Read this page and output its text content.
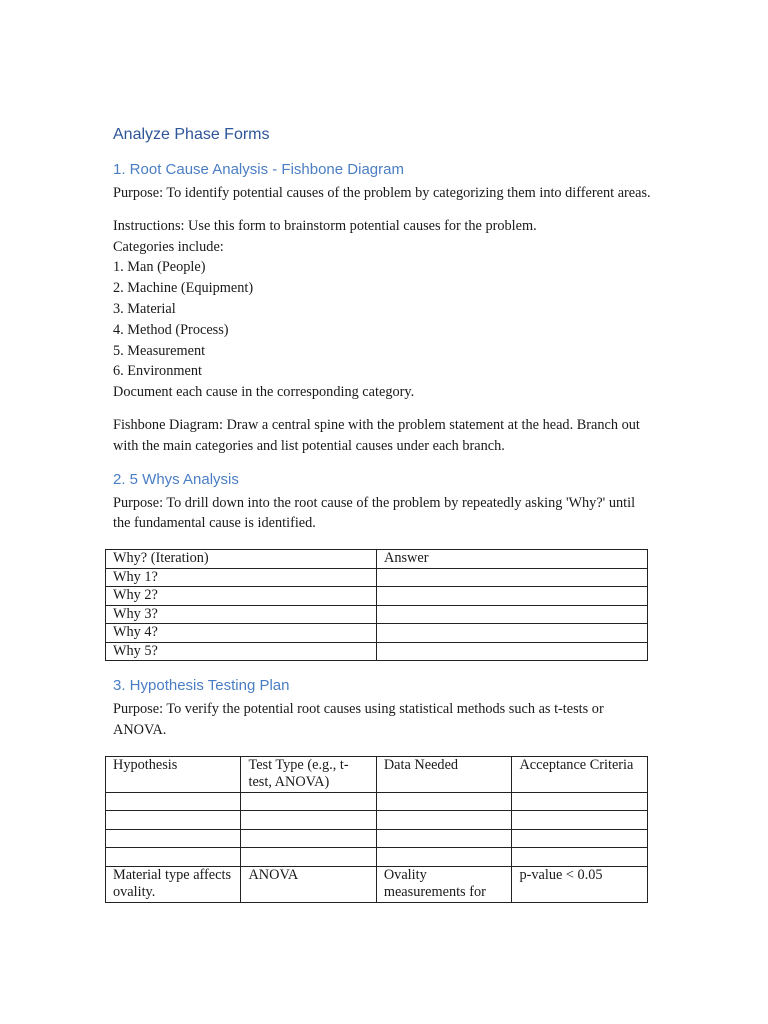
Analyze Phase Forms
1. Root Cause Analysis - Fishbone Diagram

Purpose: To identify potential causes of the problem by categorizing them into different areas.

Instructions: Use this form to brainstorm potential causes for the problem.

Categories include:

1. Man (People)
2. Machine (Equipment)
3. Material
4. Method (Process)
5. Measurement
6. Environment

Document each cause in the corresponding category.

Fishbone Diagram: Draw a central spine with the problem statement at the head. Branch out with the main categories and list potential causes under each branch.

2. 5 Whys Analysis

Purpose: To drill down into the root cause of the problem by repeatedly asking 'Why?' until the fundamental cause is identified.

Why? (Iteration)	Answer
Why 1?	
Why 2?	
Why 3?	
Why 4?	
Why 5?	
3. Hypothesis Testing Plan

Purpose: To verify the potential root causes using statistical methods such as t-tests or ANOVA.

Hypothesis	Test Type (e.g., t-test, ANOVA)	Data Needed	Acceptance Criteria

Material type affects ovality.	ANOVA	Ovality measurements for	p-value < 0.05
